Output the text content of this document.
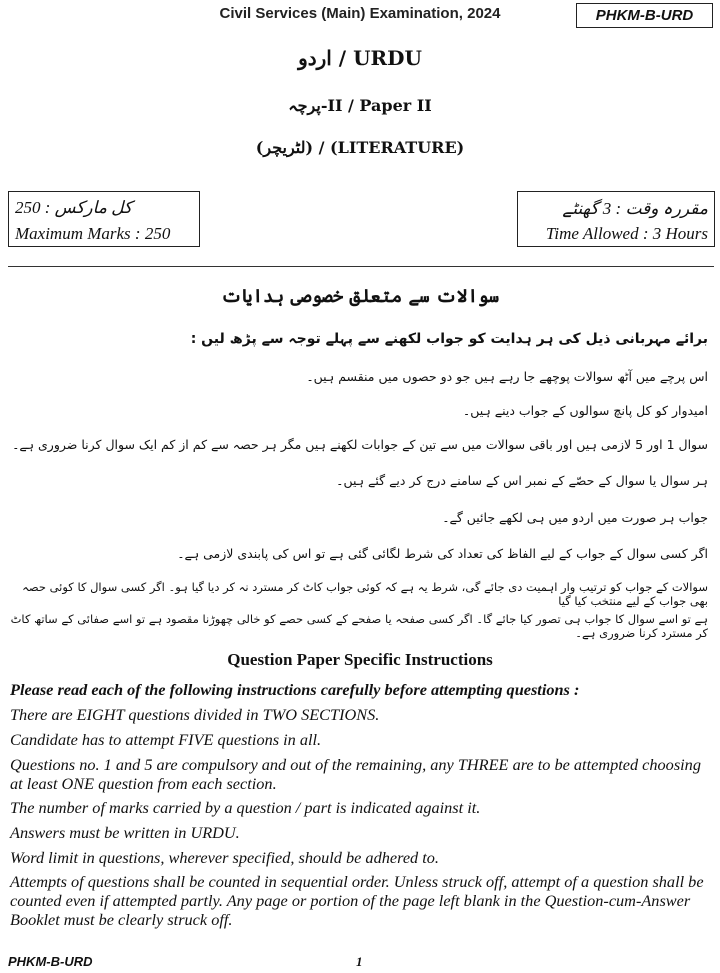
Civil Services (Main) Examination, 2024	PHKM-B-URD
اردو / URDU
پرچہ-II / Paper II
(لٹریچر) / (LITERATURE)
کل مارکس : 250
Maximum Marks : 250
مقررہ وقت : 3 گھنٹے
Time Allowed : 3 Hours
سوالات سے متعلق خصوصی ہدایات
برائے مہربانی ذیل کی ہر ہدایت کو جواب لکھنے سے پہلے توجہ سے پڑھ لیں :
اس پرچے میں آٹھ سوالات پوچھے جا رہے ہیں جو دو حصوں میں منقسم ہیں۔
امیدوار کو کل پانچ سوالوں کے جواب دینے ہیں۔
سوال 1 اور 5 لازمی ہیں اور باقی سوالات میں سے تین کے جوابات لکھنے ہیں مگر ہر حصہ سے کم از کم ایک سوال کرنا ضروری ہے۔
ہر سوال یا سوال کے حصّے کے نمبر اس کے سامنے درج کر دیے گئے ہیں۔
جواب ہر صورت میں اردو میں ہی لکھے جائیں گے۔
اگر کسی سوال کے جواب کے لیے الفاظ کی تعداد کی شرط لگائی گئی ہے تو اس کی پابندی لازمی ہے۔
سوالات کے جواب کو ترتیب وار اہمیت دی جائے گی، شرط یہ ہے کہ کوئی جواب کاٹ کر مسترد نہ کر دیا گیا ہو۔ اگر کسی سوال کا کوئی حصہ بھی جواب کے لیے منتخب کیا گیا
ہے تو اسے سوال کا جواب ہی تصور کیا جائے گا۔ اگر کسی صفحہ یا صفحے کے کسی حصے کو خالی چھوڑنا مقصود ہے تو اسے صفائی کے ساتھ کاٹ کر مسترد کرنا ضروری ہے۔
Question Paper Specific Instructions
Please read each of the following instructions carefully before attempting questions :
There are EIGHT questions divided in TWO SECTIONS.
Candidate has to attempt FIVE questions in all.
Questions no. 1 and 5 are compulsory and out of the remaining, any THREE are to be attempted choosing at least ONE question from each section.
The number of marks carried by a question / part is indicated against it.
Answers must be written in URDU.
Word limit in questions, wherever specified, should be adhered to.
Attempts of questions shall be counted in sequential order. Unless struck off, attempt of a question shall be counted even if attempted partly. Any page or portion of the page left blank in the Question-cum-Answer Booklet must be clearly struck off.
PHKM-B-URD	1
